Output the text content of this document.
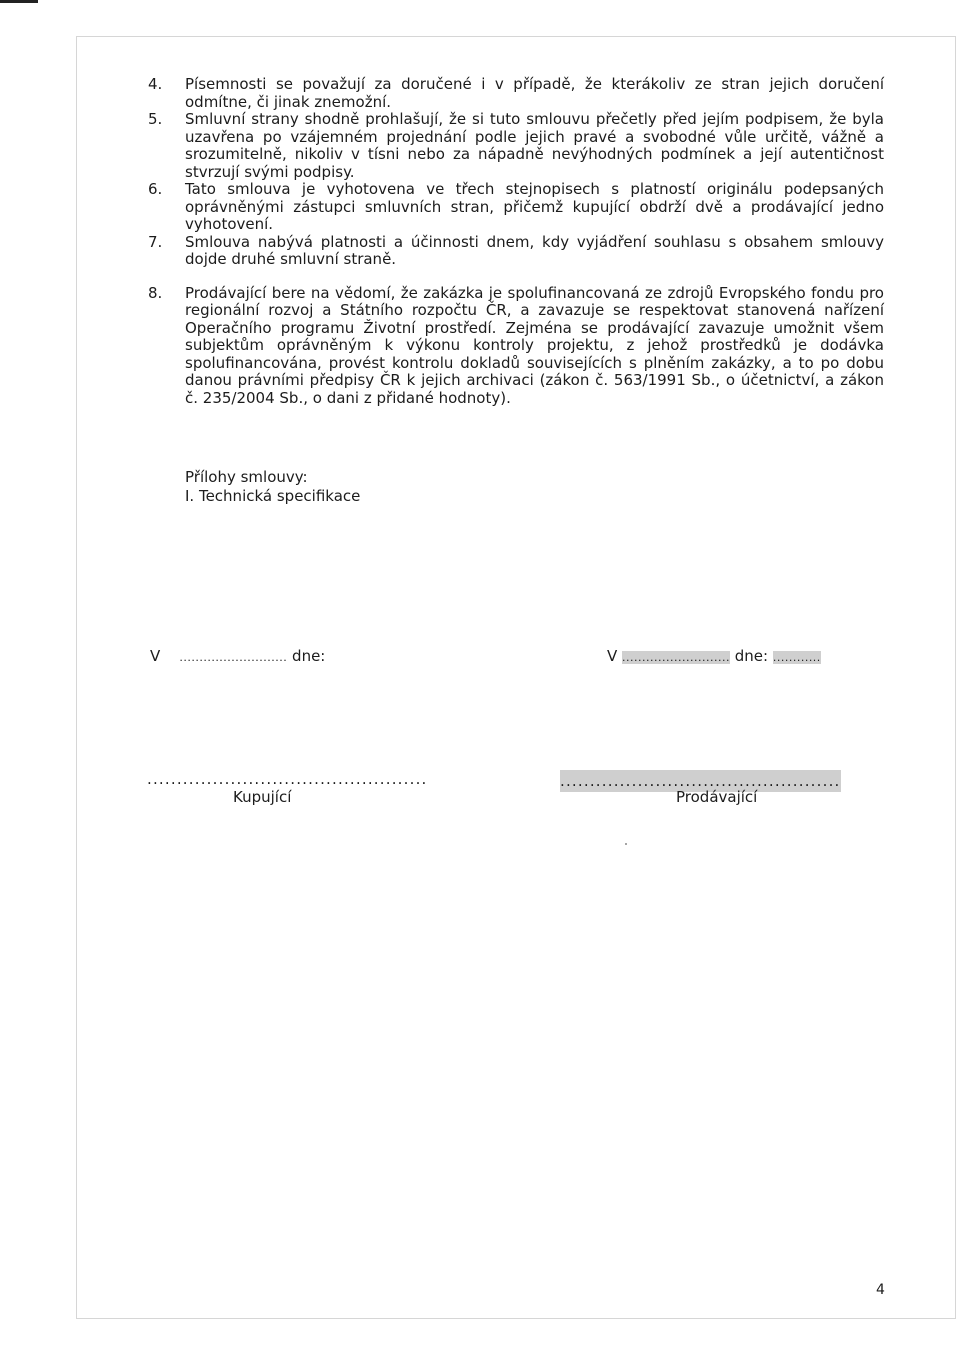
4. Písemnosti se považují za doručené i v případě, že kterákoliv ze stran jejich doručení odmítne, či jinak znemožní.
5. Smluvní strany shodně prohlašují, že si tuto smlouvu přečetly před jejím podpisem, že byla uzavřena po vzájemném projednání podle jejich pravé a svobodné vůle určitě, vážně a srozumitelně, nikoliv v tísni nebo za nápadně nevýhodných podmínek a její autentičnost stvrzují svými podpisy.
6. Tato smlouva je vyhotovena ve třech stejnopisech s platností originálu podepsaných oprávněnými zástupci smluvních stran, přičemž kupující obdrží dvě a prodávající jedno vyhotovení.
7. Smlouva nabývá platnosti a účinnosti dnem, kdy vyjádření souhlasu s obsahem smlouvy dojde druhé smluvní straně.
8. Prodávající bere na vědomí, že zakázka je spolufinancovaná ze zdrojů Evropského fondu pro regionální rozvoj a Státního rozpočtu ČR, a zavazuje se respektovat stanovená nařízení Operačního programu Životní prostředí. Zejména se prodávající zavazuje umožnit všem subjektům oprávněným k výkonu kontroly projektu, z jehož prostředků je dodávka spolufinancována, provést kontrolu dokladů souvisejících s plněním zakázky, a to po dobu danou právními předpisy ČR k jejich archivaci (zákon č. 563/1991 Sb., o účetnictví, a zákon č. 235/2004 Sb., o dani z přidané hodnoty).
Přílohy smlouvy:
I. Technická specifikace
V ........................... dne:	V ........................... dne: ............
...............................................
Kupující
...............................................
Prodávající
4
